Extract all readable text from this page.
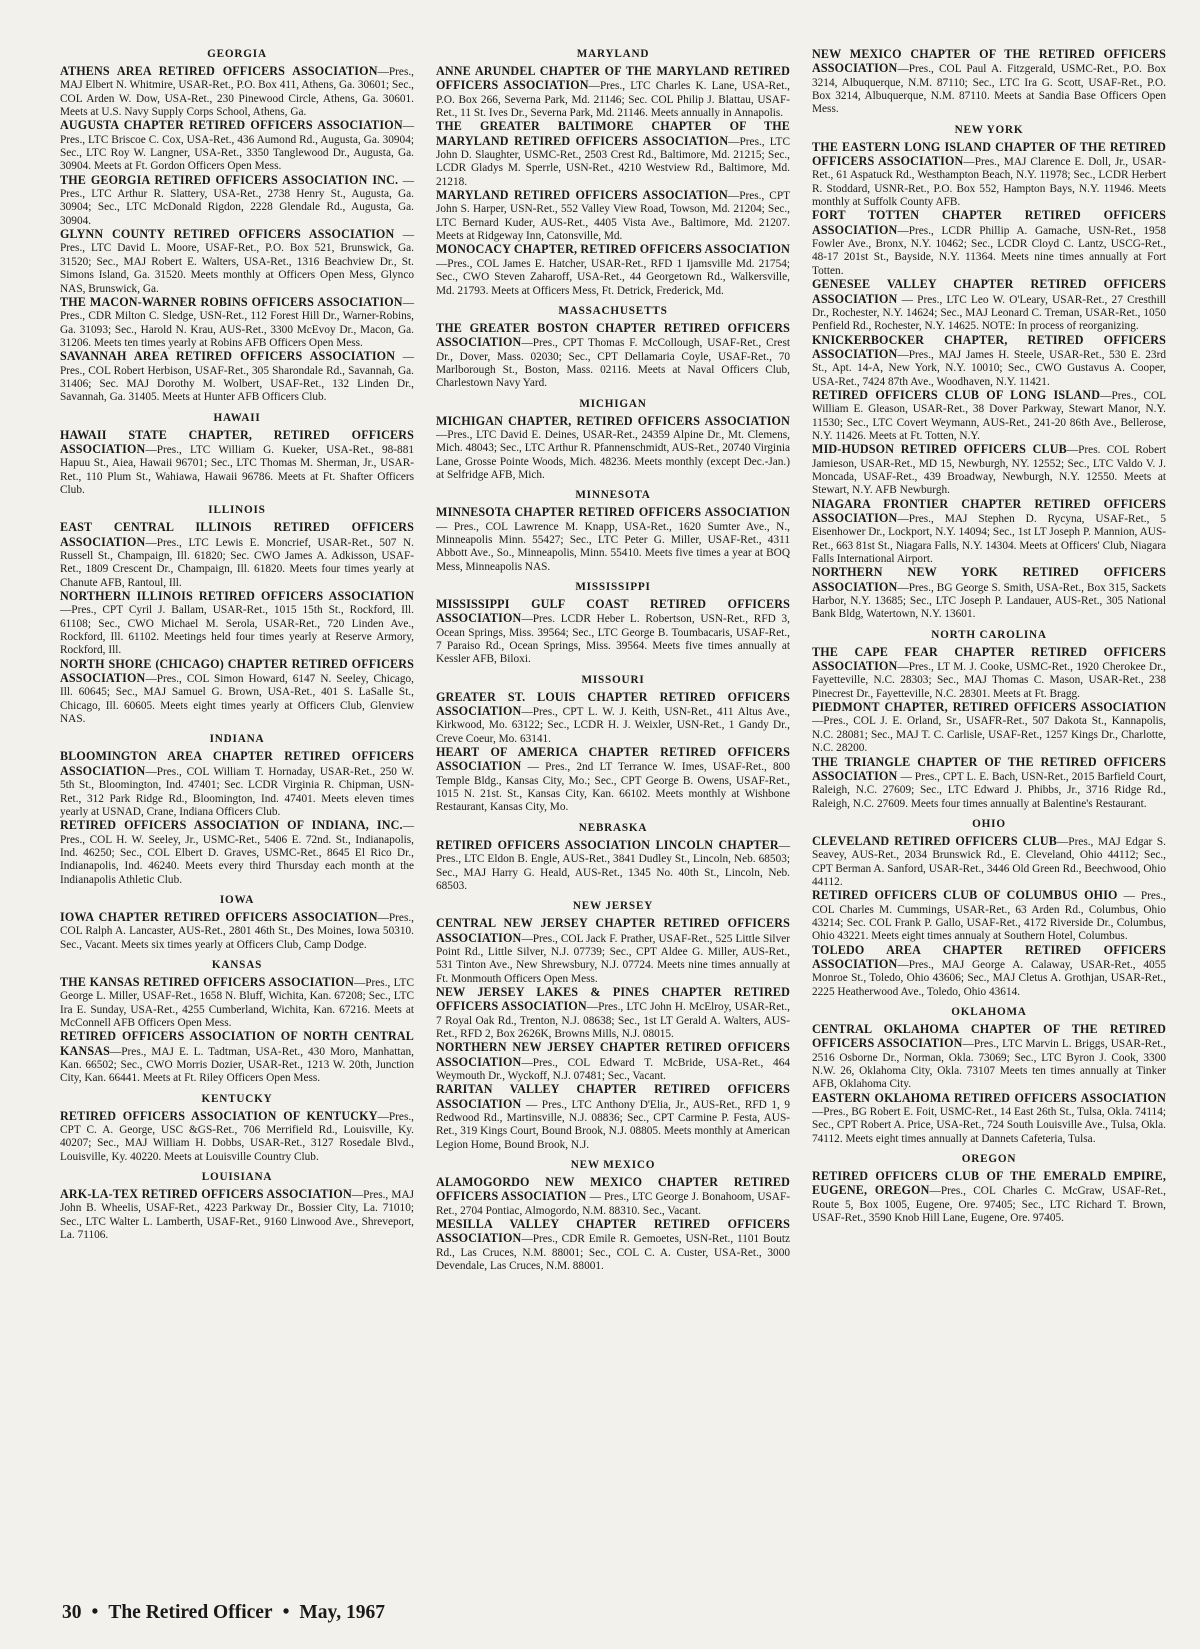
GEORGIA

ATHENS AREA RETIRED OFFICERS ASSOCIATION—Pres., MAJ Elbert N. Whitmire, USAR-Ret., P.O. Box 411, Athens, Ga. 30601; Sec., COL Arden W. Dow, USA-Ret., 230 Pinewood Circle, Athens, Ga. 30601. Meets at U.S. Navy Supply Corps School, Athens, Ga.

AUGUSTA CHAPTER RETIRED OFFICERS ASSOCIATION—Pres., LTC Briscoe C. Cox, USA-Ret., 436 Aumond Rd., Augusta, Ga. 30904; Sec., LTC Roy W. Langner, USA-Ret., 3350 Tanglewood Dr., Augusta, Ga. 30904. Meets at Ft. Gordon Officers Open Mess.

THE GEORGIA RETIRED OFFICERS ASSOCIATION INC. — Pres., LTC Arthur R. Slattery, USA-Ret., 2738 Henry St., Augusta, Ga. 30904; Sec., LTC McDonald Rigdon, 2228 Glendale Rd., Augusta, Ga. 30904.

GLYNN COUNTY RETIRED OFFICERS ASSOCIATION — Pres., LTC David L. Moore, USAF-Ret., P.O. Box 521, Brunswick, Ga. 31520; Sec., MAJ Robert E. Walters, USA-Ret., 1316 Beachview Dr., St. Simons Island, Ga. 31520. Meets monthly at Officers Open Mess, Glynco NAS, Brunswick, Ga.

THE MACON-WARNER ROBINS OFFICERS ASSOCIATION—Pres., CDR Milton C. Sledge, USN-Ret., 112 Forest Hill Dr., Warner-Robins, Ga. 31093; Sec., Harold N. Krau, AUS-Ret., 3300 McEvoy Dr., Macon, Ga. 31206. Meets ten times yearly at Robins AFB Officers Open Mess.

SAVANNAH AREA RETIRED OFFICERS ASSOCIATION — Pres., COL Robert Herbison, USAF-Ret., 305 Sharondale Rd., Savannah, Ga. 31406; Sec. MAJ Dorothy M. Wolbert, USAF-Ret., 132 Linden Dr., Savannah, Ga. 31405. Meets at Hunter AFB Officers Club.

HAWAII

HAWAII STATE CHAPTER, RETIRED OFFICERS ASSOCIATION—Pres., LTC William G. Kueker, USA-Ret., 98-881 Hapuu St., Aiea, Hawaii 96701; Sec., LTC Thomas M. Sherman, Jr., USAR-Ret., 110 Plum St., Wahiawa, Hawaii 96786. Meets at Ft. Shafter Officers Club.

ILLINOIS

EAST CENTRAL ILLINOIS RETIRED OFFICERS ASSOCIATION—Pres., LTC Lewis E. Moncrief, USAR-Ret., 507 N. Russell St., Champaign, Ill. 61820; Sec. CWO James A. Adkisson, USAF-Ret., 1809 Crescent Dr., Champaign, Ill. 61820. Meets four times yearly at Chanute AFB, Rantoul, Ill.

NORTHERN ILLINOIS RETIRED OFFICERS ASSOCIATION—Pres., CPT Cyril J. Ballam, USAR-Ret., 1015 15th St., Rockford, Ill. 61108; Sec., CWO Michael M. Serola, USAR-Ret., 720 Linden Ave., Rockford, Ill. 61102. Meetings held four times yearly at Reserve Armory, Rockford, Ill.

NORTH SHORE (CHICAGO) CHAPTER RETIRED OFFICERS ASSOCIATION—Pres., COL Simon Howard, 6147 N. Seeley, Chicago, Ill. 60645; Sec., MAJ Samuel G. Brown, USA-Ret., 401 S. LaSalle St., Chicago, Ill. 60605. Meets eight times yearly at Officers Club, Glenview NAS.

INDIANA

BLOOMINGTON AREA CHAPTER RETIRED OFFICERS ASSOCIATION—Pres., COL William T. Hornaday, USAR-Ret., 250 W. 5th St., Bloomington, Ind. 47401; Sec. LCDR Virginia R. Chipman, USN-Ret., 312 Park Ridge Rd., Bloomington, Ind. 47401. Meets eleven times yearly at USNAD, Crane, Indiana Officers Club.

RETIRED OFFICERS ASSOCIATION OF INDIANA, INC.—Pres., COL H. W. Seeley, Jr., USMC-Ret., 5406 E. 72nd. St., Indianapolis, Ind. 46250; Sec., COL Elbert D. Graves, USMC-Ret., 8645 El Rico Dr., Indianapolis, Ind. 46240. Meets every third Thursday each month at the Indianapolis Athletic Club.

IOWA

IOWA CHAPTER RETIRED OFFICERS ASSOCIATION—Pres., COL Ralph A. Lancaster, AUS-Ret., 2801 46th St., Des Moines, Iowa 50310. Sec., Vacant. Meets six times yearly at Officers Club, Camp Dodge.

KANSAS

THE KANSAS RETIRED OFFICERS ASSOCIATION—Pres., LTC George L. Miller, USAF-Ret., 1658 N. Bluff, Wichita, Kan. 67208; Sec., LTC Ira E. Sunday, USA-Ret., 4255 Cumberland, Wichita, Kan. 67216. Meets at McConnell AFB Officers Open Mess.

RETIRED OFFICERS ASSOCIATION OF NORTH CENTRAL KANSAS—Pres., MAJ E. L. Tadtman, USA-Ret., 430 Moro, Manhattan, Kan. 66502; Sec., CWO Morris Dozier, USAR-Ret., 1213 W. 20th, Junction City, Kan. 66441. Meets at Ft. Riley Officers Open Mess.

KENTUCKY

RETIRED OFFICERS ASSOCIATION OF KENTUCKY—Pres., CPT C. A. George, USC &GS-Ret., 706 Merrifield Rd., Louisville, Ky. 40207; Sec., MAJ William H. Dobbs, USAR-Ret., 3127 Rosedale Blvd., Louisville, Ky. 40220. Meets at Louisville Country Club.

LOUISIANA

ARK-LA-TEX RETIRED OFFICERS ASSOCIATION—Pres., MAJ John B. Wheelis, USAF-Ret., 4223 Parkway Dr., Bossier City, La. 71010; Sec., LTC Walter L. Lamberth, USAF-Ret., 9160 Linwood Ave., Shreveport, La. 71106.

MARYLAND

ANNE ARUNDEL CHAPTER OF THE MARYLAND RETIRED OFFICERS ASSOCIATION—Pres., LTC Charles K. Lane, USA-Ret., P.O. Box 266, Severna Park, Md. 21146; Sec. COL Philip J. Blattau, USAF-Ret., 11 St. Ives Dr., Severna Park, Md. 21146. Meets annually in Annapolis.

THE GREATER BALTIMORE CHAPTER OF THE MARYLAND RETIRED OFFICERS ASSOCIATION—Pres., LTC John D. Slaughter, USMC-Ret., 2503 Crest Rd., Baltimore, Md. 21215; Sec., LCDR Gladys M. Sperrle, USN-Ret., 4210 Westview Rd., Baltimore, Md. 21218.

MARYLAND RETIRED OFFICERS ASSOCIATION—Pres., CPT John S. Harper, USN-Ret., 552 Valley View Road, Towson, Md. 21204; Sec., LTC Bernard Kuder, AUS-Ret., 4405 Vista Ave., Baltimore, Md. 21207. Meets at Ridgeway Inn, Catonsville, Md.

MONOCACY CHAPTER, RETIRED OFFICERS ASSOCIATION—Pres., COL James E. Hatcher, USAR-Ret., RFD 1 Ijamsville Md. 21754; Sec., CWO Steven Zaharoff, USA-Ret., 44 Georgetown Rd., Walkersville, Md. 21793. Meets at Officers Mess, Ft. Detrick, Frederick, Md.

MASSACHUSETTS

THE GREATER BOSTON CHAPTER RETIRED OFFICERS ASSOCIATION—Pres., CPT Thomas F. McCollough, USAF-Ret., Crest Dr., Dover, Mass. 02030; Sec., CPT Dellamaria Coyle, USAF-Ret., 70 Marlborough St., Boston, Mass. 02116. Meets at Naval Officers Club, Charlestown Navy Yard.

MICHIGAN

MICHIGAN CHAPTER, RETIRED OFFICERS ASSOCIATION—Pres., LTC David E. Deines, USAR-Ret., 24359 Alpine Dr., Mt. Clemens, Mich. 48043; Sec., LTC Arthur R. Pfannenschmidt, AUS-Ret., 20740 Virginia Lane, Grosse Pointe Woods, Mich. 48236. Meets monthly (except Dec.-Jan.) at Selfridge AFB, Mich.

MINNESOTA

MINNESOTA CHAPTER RETIRED OFFICERS ASSOCIATION — Pres., COL Lawrence M. Knapp, USA-Ret., 1620 Sumter Ave., N., Minneapolis Minn. 55427; Sec., LTC Peter G. Miller, USAF-Ret., 4311 Abbott Ave., So., Minneapolis, Minn. 55410. Meets five times a year at BOQ Mess, Minneapolis NAS.

MISSISSIPPI

MISSISSIPPI GULF COAST RETIRED OFFICERS ASSOCIATION—Pres. LCDR Heber L. Robertson, USN-Ret., RFD 3, Ocean Springs, Miss. 39564; Sec., LTC George B. Toumbacaris, USAF-Ret., 7 Paraiso Rd., Ocean Springs, Miss. 39564. Meets five times annually at Kessler AFB, Biloxi.

MISSOURI

GREATER ST. LOUIS CHAPTER RETIRED OFFICERS ASSOCIATION—Pres., CPT L. W. J. Keith, USN-Ret., 411 Altus Ave., Kirkwood, Mo. 63122; Sec., LCDR H. J. Weixler, USN-Ret., 1 Gandy Dr., Creve Coeur, Mo. 63141.

HEART OF AMERICA CHAPTER RETIRED OFFICERS ASSOCIATION — Pres., 2nd LT Terrance W. Imes, USAF-Ret., 800 Temple Bldg., Kansas City, Mo.; Sec., CPT George B. Owens, USAF-Ret., 1015 N. 21st. St., Kansas City, Kan. 66102. Meets monthly at Wishbone Restaurant, Kansas City, Mo.

NEBRASKA

RETIRED OFFICERS ASSOCIATION LINCOLN CHAPTER—Pres., LTC Eldon B. Engle, AUS-Ret., 3841 Dudley St., Lincoln, Neb. 68503; Sec., MAJ Harry G. Heald, AUS-Ret., 1345 No. 40th St., Lincoln, Neb. 68503.

NEW JERSEY

CENTRAL NEW JERSEY CHAPTER RETIRED OFFICERS ASSOCIATION—Pres., COL Jack F. Prather, USAF-Ret., 525 Little Silver Point Rd., Little Silver, N.J. 07739; Sec., CPT Aldee G. Miller, AUS-Ret., 531 Tinton Ave., New Shrewsbury, N.J. 07724. Meets nine times annually at Ft. Monmouth Officers Open Mess.

NEW JERSEY LAKES & PINES CHAPTER RETIRED OFFICERS ASSOCIATION—Pres., LTC John H. McElroy, USAR-Ret., 7 Royal Oak Rd., Trenton, N.J. 08638; Sec., 1st LT Gerald A. Walters, AUS-Ret., RFD 2, Box 2626K, Browns Mills, N.J. 08015.

NORTHERN NEW JERSEY CHAPTER RETIRED OFFICERS ASSOCIATION—Pres., COL Edward T. McBride, USA-Ret., 464 Weymouth Dr., Wyckoff, N.J. 07481; Sec., Vacant.

RARITAN VALLEY CHAPTER RETIRED OFFICERS ASSOCIATION — Pres., LTC Anthony D'Elia, Jr., AUS-Ret., RFD 1, 9 Redwood Rd., Martinsville, N.J. 08836; Sec., CPT Carmine P. Festa, AUS-Ret., 319 Kings Court, Bound Brook, N.J. 08805. Meets monthly at American Legion Home, Bound Brook, N.J.

NEW MEXICO

ALAMOGORDO NEW MEXICO CHAPTER RETIRED OFFICERS ASSOCIATION — Pres., LTC George J. Bonahoom, USAF-Ret., 2704 Pontiac, Almogordo, N.M. 88310. Sec., Vacant.

MESILLA VALLEY CHAPTER RETIRED OFFICERS ASSOCIATION—Pres., CDR Emile R. Gemoetes, USN-Ret., 1101 Boutz Rd., Las Cruces, N.M. 88001; Sec., COL C. A. Custer, USA-Ret., 3000 Devendale, Las Cruces, N.M. 88001.

NEW MEXICO CHAPTER OF THE RETIRED OFFICERS ASSOCIATION—Pres., COL Paul A. Fitzgerald, USMC-Ret., P.O. Box 3214, Albuquerque, N.M. 87110; Sec., LTC Ira G. Scott, USAF-Ret., P.O. Box 3214, Albuquerque, N.M. 87110. Meets at Sandia Base Officers Open Mess.

NEW YORK

THE EASTERN LONG ISLAND CHAPTER OF THE RETIRED OFFICERS ASSOCIATION—Pres., MAJ Clarence E. Doll, Jr., USAR-Ret., 61 Aspatuck Rd., Westhampton Beach, N.Y. 11978; Sec., LCDR Herbert R. Stoddard, USNR-Ret., P.O. Box 552, Hampton Bays, N.Y. 11946. Meets monthly at Suffolk County AFB.

FORT TOTTEN CHAPTER RETIRED OFFICERS ASSOCIATION—Pres., LCDR Phillip A. Gamache, USN-Ret., 1958 Fowler Ave., Bronx, N.Y. 10462; Sec., LCDR Cloyd C. Lantz, USCG-Ret., 48-17 201st St., Bayside, N.Y. 11364. Meets nine times annually at Fort Totten.

GENESEE VALLEY CHAPTER RETIRED OFFICERS ASSOCIATION — Pres., LTC Leo W. O'Leary, USAR-Ret., 27 Cresthill Dr., Rochester, N.Y. 14624; Sec., MAJ Leonard C. Treman, USAR-Ret., 1050 Penfield Rd., Rochester, N.Y. 14625. NOTE: In process of reorganizing.

KNICKERBOCKER CHAPTER, RETIRED OFFICERS ASSOCIATION—Pres., MAJ James H. Steele, USAR-Ret., 530 E. 23rd St., Apt. 14-A, New York, N.Y. 10010; Sec., CWO Gustavus A. Cooper, USA-Ret., 7424 87th Ave., Woodhaven, N.Y. 11421.

RETIRED OFFICERS CLUB OF LONG ISLAND—Pres., COL William E. Gleason, USAR-Ret., 38 Dover Parkway, Stewart Manor, N.Y. 11530; Sec., LTC Covert Weymann, AUS-Ret., 241-20 86th Ave., Bellerose, N.Y. 11426. Meets at Ft. Totten, N.Y.

MID-HUDSON RETIRED OFFICERS CLUB—Pres. COL Robert Jamieson, USAR-Ret., MD 15, Newburgh, NY. 12552; Sec., LTC Valdo V. J. Moncada, USAF-Ret., 439 Broadway, Newburgh, N.Y. 12550. Meets at Stewart, N.Y. AFB Newburgh.

NIAGARA FRONTIER CHAPTER RETIRED OFFICERS ASSOCIATION—Pres., MAJ Stephen D. Rycyna, USAF-Ret., 5 Eisenhower Dr., Lockport, N.Y. 14094; Sec., 1st LT Joseph P. Mannion, AUS-Ret., 663 81st St., Niagara Falls, N.Y. 14304. Meets at Officers' Club, Niagara Falls International Airport.

NORTHERN NEW YORK RETIRED OFFICERS ASSOCIATION—Pres., BG George S. Smith, USA-Ret., Box 315, Sackets Harbor, N.Y. 13685; Sec., LTC Joseph P. Landauer, AUS-Ret., 305 National Bank Bldg, Watertown, N.Y. 13601.

NORTH CAROLINA

THE CAPE FEAR CHAPTER RETIRED OFFICERS ASSOCIATION—Pres., LT M. J. Cooke, USMC-Ret., 1920 Cherokee Dr., Fayetteville, N.C. 28303; Sec., MAJ Thomas C. Mason, USAR-Ret., 238 Pinecrest Dr., Fayetteville, N.C. 28301. Meets at Ft. Bragg.

PIEDMONT CHAPTER, RETIRED OFFICERS ASSOCIATION—Pres., COL J. E. Orland, Sr., USAFR-Ret., 507 Dakota St., Kannapolis, N.C. 28081; Sec., MAJ T. C. Carlisle, USAF-Ret., 1257 Kings Dr., Charlotte, N.C. 28200.

THE TRIANGLE CHAPTER OF THE RETIRED OFFICERS ASSOCIATION — Pres., CPT L. E. Bach, USN-Ret., 2015 Barfield Court, Raleigh, N.C. 27609; Sec., LTC Edward J. Phibbs, Jr., 3716 Ridge Rd., Raleigh, N.C. 27609. Meets four times annually at Balentine's Restaurant.

OHIO

CLEVELAND RETIRED OFFICERS CLUB—Pres., MAJ Edgar S. Seavey, AUS-Ret., 2034 Brunswick Rd., E. Cleveland, Ohio 44112; Sec., CPT Berman A. Sanford, USAR-Ret., 3446 Old Green Rd., Beechwood, Ohio 44112.

RETIRED OFFICERS CLUB OF COLUMBUS OHIO — Pres., COL Charles M. Cummings, USAR-Ret., 63 Arden Rd., Columbus, Ohio 43214; Sec. COL Frank P. Gallo, USAF-Ret., 4172 Riverside Dr., Columbus, Ohio 43221. Meets eight times annualy at Southern Hotel, Columbus.

TOLEDO AREA CHAPTER RETIRED OFFICERS ASSOCIATION—Pres., MAJ George A. Calaway, USAR-Ret., 4055 Monroe St., Toledo, Ohio 43606; Sec., MAJ Cletus A. Grothjan, USAR-Ret., 2225 Heatherwood Ave., Toledo, Ohio 43614.

OKLAHOMA

CENTRAL OKLAHOMA CHAPTER OF THE RETIRED OFFICERS ASSOCIATION—Pres., LTC Marvin L. Briggs, USAR-Ret., 2516 Osborne Dr., Norman, Okla. 73069; Sec., LTC Byron J. Cook, 3300 N.W. 26, Oklahoma City, Okla. 73107 Meets ten times annually at Tinker AFB, Oklahoma City.

EASTERN OKLAHOMA RETIRED OFFICERS ASSOCIATION—Pres., BG Robert E. Foit, USMC-Ret., 14 East 26th St., Tulsa, Okla. 74114; Sec., CPT Robert A. Price, USA-Ret., 724 South Louisville Ave., Tulsa, Okla. 74112. Meets eight times annually at Dannets Cafeteria, Tulsa.

OREGON

RETIRED OFFICERS CLUB OF THE EMERALD EMPIRE, EUGENE, OREGON—Pres., COL Charles C. McGraw, USAF-Ret., Route 5, Box 1005, Eugene, Ore. 97405; Sec., LTC Richard T. Brown, USAF-Ret., 3590 Knob Hill Lane, Eugene, Ore. 97405.

30 • The Retired Officer • May, 1967
